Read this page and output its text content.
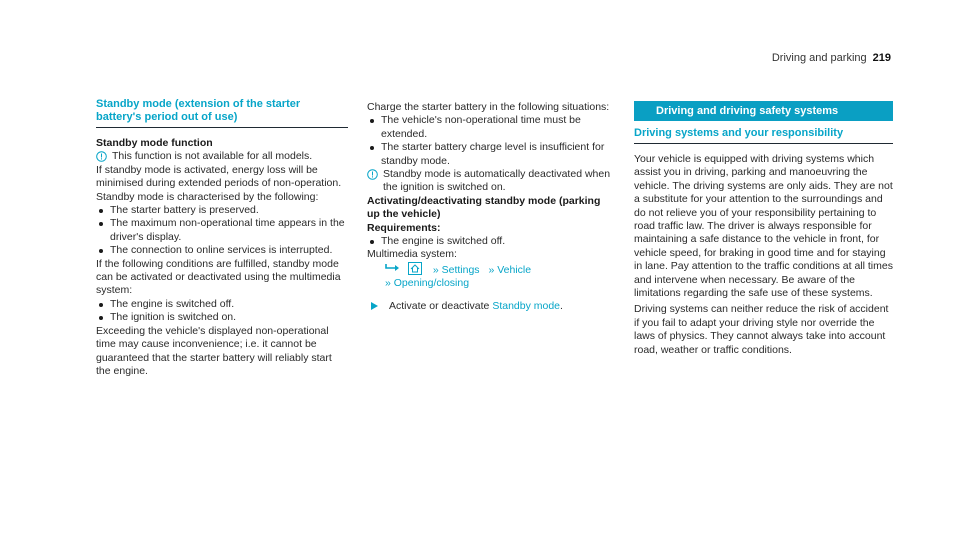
Driving and parking 219
Standby mode (extension of the starter battery's period out of use)

Standby mode function

This function is not available for all models.

If standby mode is activated, energy loss will be minimised during extended periods of non-operation.

Standby mode is characterised by the following:

The starter battery is preserved.
The maximum non-operational time appears in the driver's display.
The connection to online services is interrupted.

If the following conditions are fulfilled, standby mode can be activated or deactivated using the multimedia system:

The engine is switched off.
The ignition is switched on.

Exceeding the vehicle's displayed non-operational time may cause inconvenience; i.e. it cannot be guaranteed that the starter battery will reliably start the engine.

Charge the starter battery in the following situations:

The vehicle's non-operational time must be extended.
The starter battery charge level is insufficient for standby mode.
Standby mode is automatically deactivated when the ignition is switched on.

Activating/deactivating standby mode (parking up the vehicle)

Requirements:

The engine is switched off.

Multimedia system:

» Settings » Vehicle
» Opening/closing
Activate or deactivate Standby mode.
Driving and driving safety systems
Driving systems and your responsibility

Your vehicle is equipped with driving systems which assist you in driving, parking and manoeuvring the vehicle. The driving systems are only aids. They are not a substitute for your attention to the surroundings and do not relieve you of your responsibility pertaining to road traffic law. The driver is always responsible for maintaining a safe distance to the vehicle in front, for vehicle speed, for braking in good time and for staying in lane. Pay attention to the traffic conditions at all times and intervene when necessary. Be aware of the limitations regarding the safe use of these systems.

Driving systems can neither reduce the risk of accident if you fail to adapt your driving style nor override the laws of physics. They cannot always take into account road, weather or traffic conditions.
